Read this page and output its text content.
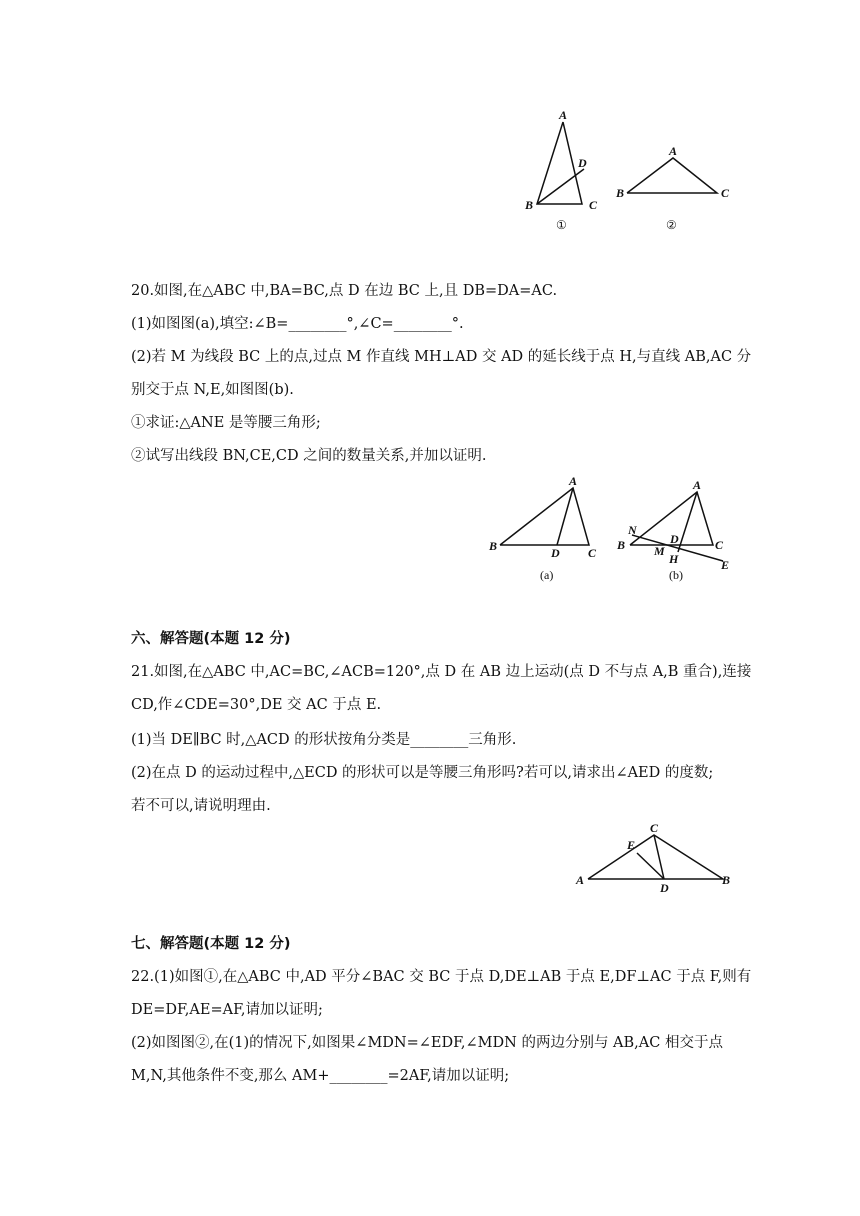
A
D
B	C
①
A
B	C
②
20.如图,在△ABC 中,BA=BC,点 D 在边 BC 上,且 DB=DA=AC.
(1)如图图(a),填空:∠B=________°,∠C=________°.
(2)若 M 为线段 BC 上的点,过点 M 作直线 MH⊥AD 交 AD 的延长线于点 H,与直线 AB,AC 分
别交于点 N,E,如图图(b).
①求证:△ANE 是等腰三角形;
②试写出线段 BN,CE,CD 之间的数量关系,并加以证明.
A
B	D C
(a)
A
N
B	D	C
M
H	E
(b)
六、解答题(本题 12 分)
21.如图,在△ABC 中,AC=BC,∠ACB=120°,点 D 在 AB 边上运动(点 D 不与点 A,B 重合),连接
CD,作∠CDE=30°,DE 交 AC 于点 E.
(1)当 DE∥BC 时,△ACD 的形状按角分类是________三角形.
(2)在点 D 的运动过程中,△ECD 的形状可以是等腰三角形吗?若可以,请求出∠AED 的度数;
若不可以,请说明理由.
C
E
A
D
B
七、解答题(本题 12 分)
22.(1)如图①,在△ABC 中,AD 平分∠BAC 交 BC 于点 D,DE⊥AB 于点 E,DF⊥AC 于点 F,则有
DE=DF,AE=AF,请加以证明;
(2)如图图②,在(1)的情况下,如图果∠MDN=∠EDF,∠MDN 的两边分别与 AB,AC 相交于点
M,N,其他条件不变,那么 AM+________=2AF,请加以证明;
